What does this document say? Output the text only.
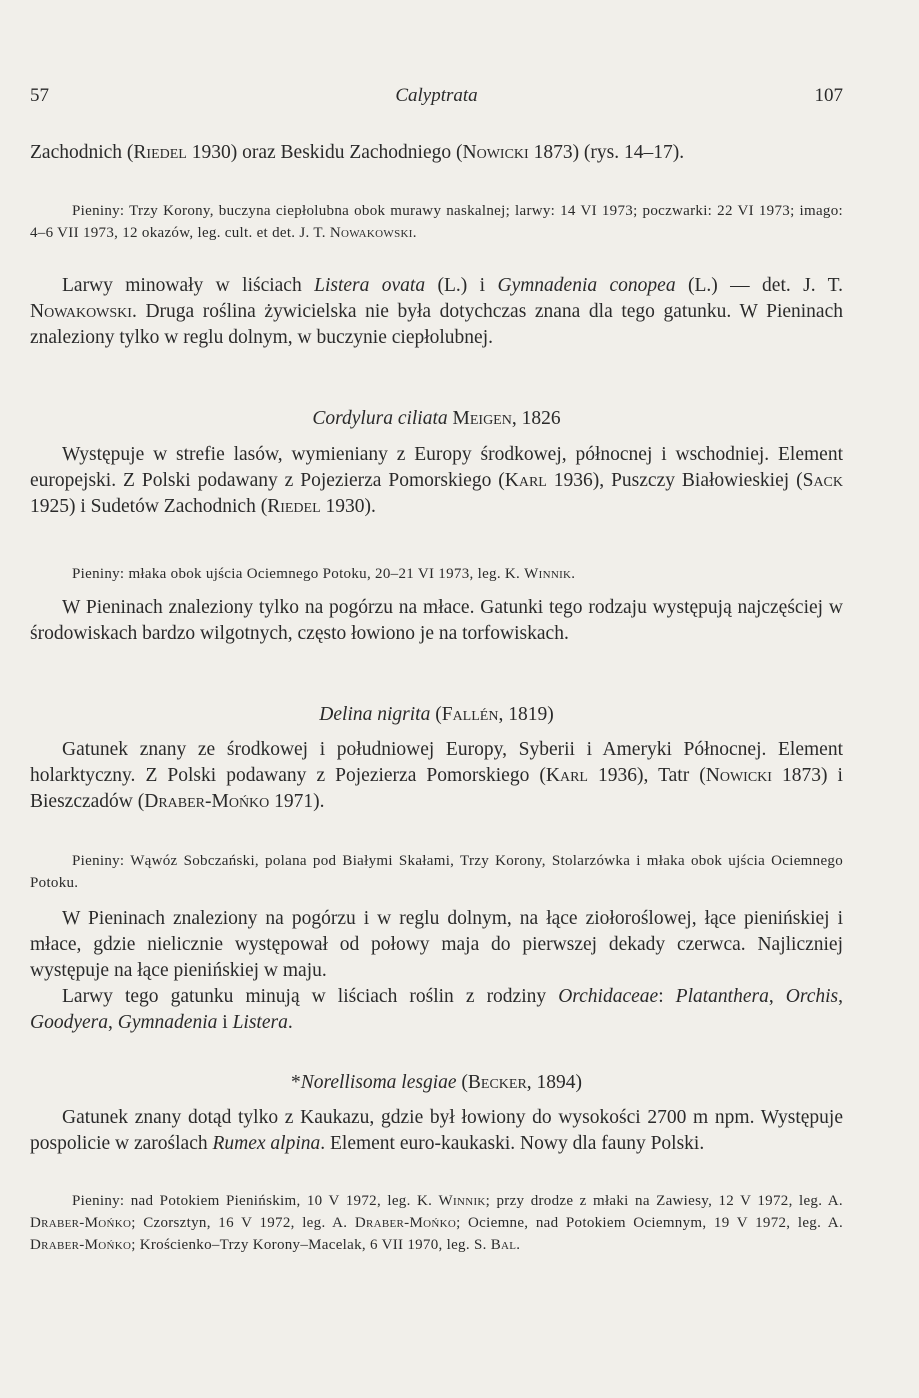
57	Calyptrata	107

Zachodnich (Riedel 1930) oraz Beskidu Zachodniego (Nowicki 1873) (rys. 14–17).

Pieniny: Trzy Korony, buczyna ciepłolubna obok murawy naskalnej; larwy: 14 VI 1973; poczwarki: 22 VI 1973; imago: 4–6 VII 1973, 12 okazów, leg. cult. et det. J. T. Nowakowski.

Larwy minowały w liściach Listera ovata (L.) i Gymnadenia conopea (L.) — det. J. T. Nowakowski. Druga roślina żywicielska nie była dotychczas znana dla tego gatunku. W Pieninach znaleziony tylko w reglu dolnym, w buczynie ciepłolubnej.

Cordylura ciliata Meigen, 1826

Występuje w strefie lasów, wymieniany z Europy środkowej, północnej i wschodniej. Element europejski. Z Polski podawany z Pojezierza Pomorskiego (Karl 1936), Puszczy Białowieskiej (Sack 1925) i Sudetów Zachodnich (Riedel 1930).

Pieniny: młaka obok ujścia Ociemnego Potoku, 20–21 VI 1973, leg. K. Winnik.

W Pieninach znaleziony tylko na pogórzu na młace. Gatunki tego rodzaju występują najczęściej w środowiskach bardzo wilgotnych, często łowiono je na torfowiskach.

Delina nigrita (Fallén, 1819)

Gatunek znany ze środkowej i południowej Europy, Syberii i Ameryki Północnej. Element holarktyczny. Z Polski podawany z Pojezierza Pomorskiego (Karl 1936), Tatr (Nowicki 1873) i Bieszczadów (Draber-Mońko 1971).

Pieniny: Wąwóz Sobczański, polana pod Białymi Skałami, Trzy Korony, Stolarzówka i młaka obok ujścia Ociemnego Potoku.

W Pieninach znaleziony na pogórzu i w reglu dolnym, na łące ziołoroślowej, łące pienińskiej i młace, gdzie nielicznie występował od połowy maja do pierwszej dekady czerwca. Najliczniej występuje na łące pienińskiej w maju.

Larwy tego gatunku minują w liściach roślin z rodziny Orchidaceae: Platanthera, Orchis, Goodyera, Gymnadenia i Listera.

*Norellisoma lesgiae (Becker, 1894)

Gatunek znany dotąd tylko z Kaukazu, gdzie był łowiony do wysokości 2700 m npm. Występuje pospolicie w zaroślach Rumex alpina. Element euro-kaukaski. Nowy dla fauny Polski.

Pieniny: nad Potokiem Pienińskim, 10 V 1972, leg. K. Winnik; przy drodze z młaki na Zawiesy, 12 V 1972, leg. A. Draber-Mońko; Czorsztyn, 16 V 1972, leg. A. Draber-Mońko; Ociemne, nad Potokiem Ociemnym, 19 V 1972, leg. A. Draber-Mońko; Krościenko–Trzy Korony–Macelak, 6 VII 1970, leg. S. Bal.
